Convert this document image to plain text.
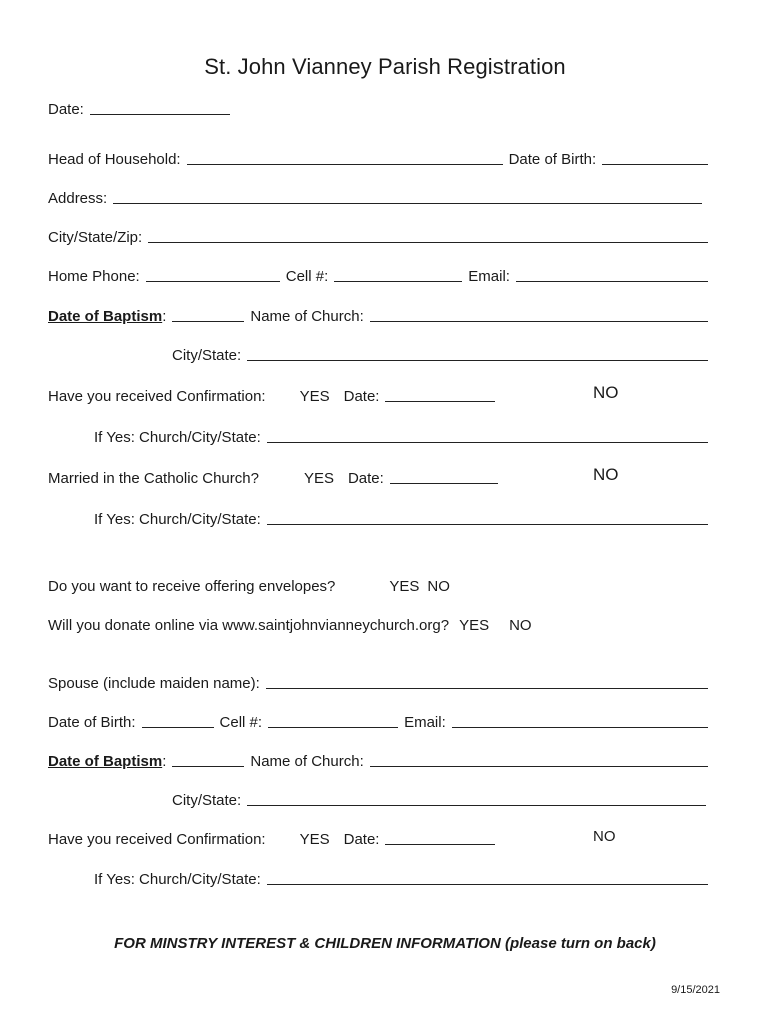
St. John Vianney Parish Registration
Date:
Head of Household:	Date of Birth:
Address:
City/State/Zip:
Home Phone:	Cell #:	Email:
Date of Baptism :	Name of Church:
City/State:
Have you received Confirmation: YES Date:	NO
If Yes: Church/City/State:
Married in the Catholic Church?	YES Date:	NO
If Yes: Church/City/State:
Do you want to receive offering envelopes?	YES NO
Will you donate online via www.saintjohnvianneychurch.org? YES NO
Spouse (include maiden name):
Date of Birth:	Cell #:	Email:
Date of Baptism :	Name of Church:
City/State:
Have you received Confirmation: YES Date:	NO
If Yes: Church/City/State:
FOR MINSTRY INTEREST & CHILDREN INFORMATION (please turn on back)
9/15/2021
